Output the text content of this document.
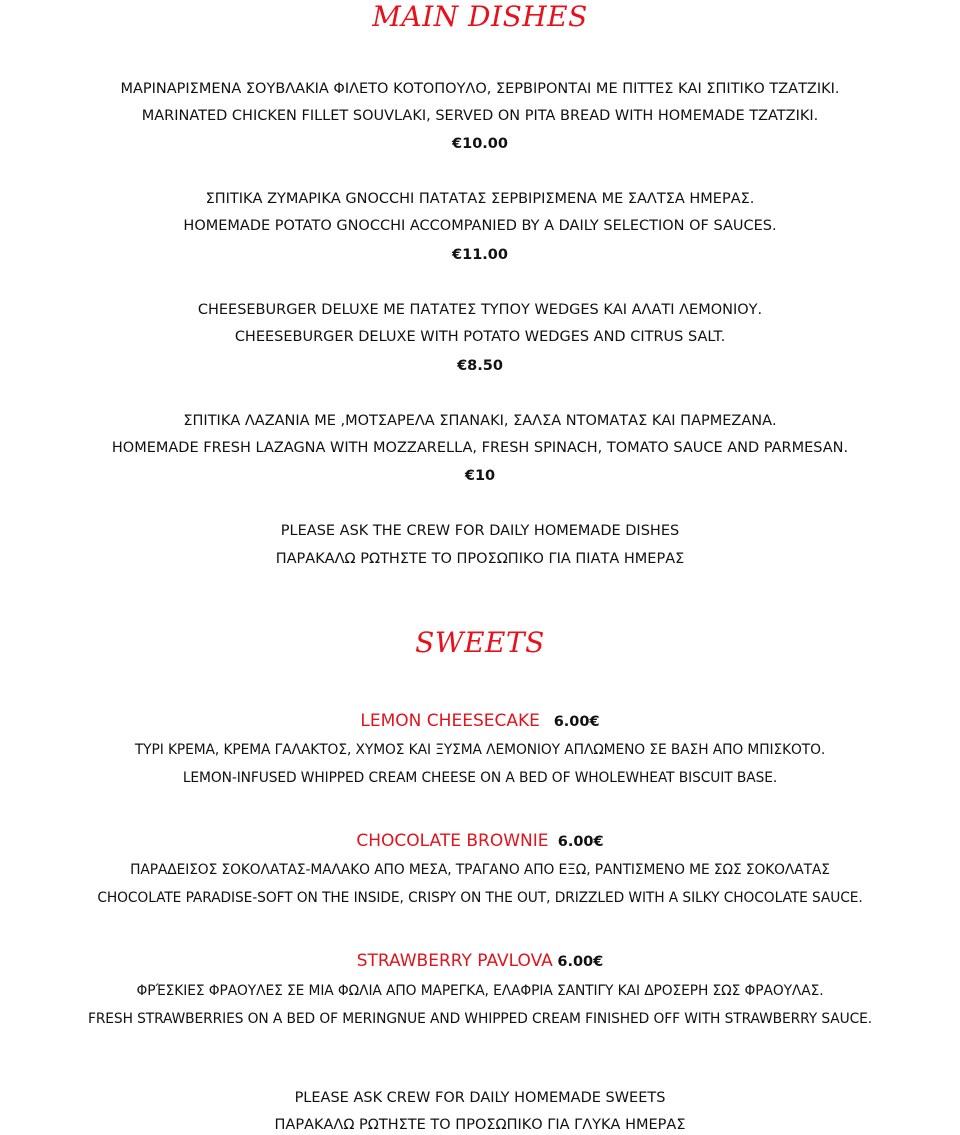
MAIN DISHES
ΜΑΡΙΝΑΡΙΣΜΕΝΑ ΣΟΥΒΛΑΚΙΑ ΦΙΛΕΤΟ ΚΟΤΟΠΟΥΛΟ, ΣΕΡΒΙΡΟΝΤΑΙ ΜΕ ΠΙΤΤΕΣ ΚΑΙ ΣΠΙΤΙΚΟ ΤΖΑΤΖΙΚΙ.
MARINATED CHICKEN FILLET SOUVLAKI, SERVED ON PITA BREAD WITH HOMEMADE TZATZIKI.
€10.00
ΣΠΙΤΙΚΑ ΖΥΜΑΡΙΚΑ GNOCCHI ΠΑΤΑΤΑΣ ΣΕΡΒΙΡΙΣΜΕΝΑ ΜΕ ΣΑΛΤΣΑ ΗΜΕΡΑΣ.
HOMEMADE POTATO GNOCCHI ACCOMPANIED BY A DAILY SELECTION OF SAUCES.
€11.00
CHEESEBURGER DELUXE ΜΕ ΠΑΤΑΤΕΣ ΤΥΠΟΥ WEDGES ΚΑΙ ΑΛΑΤΙ ΛΕΜΟΝΙΟΥ.
CHEESEBURGER DELUXE WITH POTATO WEDGES AND CITRUS SALT.
€8.50
ΣΠΙΤΙΚΑ ΛΑΖΑΝΙΑ ΜΕ ,ΜΟΤΣΑΡΕΛΑ ΣΠΑΝΑΚΙ, ΣΑΛΣΑ ΝΤΟΜΑΤΑΣ ΚΑΙ ΠΑΡΜΕΖΑΝΑ.
HOMEMADE FRESH LAZAGNA WITH MOZZARELLA, FRESH SPINACH, TOMATO SAUCE AND PARMESAN.
€10
PLEASE ASK THE CREW FOR DAILY HOMEMADE DISHES
ΠΑΡΑΚΑΛΩ ΡΩΤΗΣΤΕ ΤΟ ΠΡΟΣΩΠΙΚΟ ΓΙΑ ΠΙΑΤΑ ΗΜΕΡΑΣ
SWEETS
LEMON CHEESECAKE 6.00€
ΤΥΡΙ ΚΡΕΜΑ, ΚΡΕΜΑ ΓΑΛΑΚΤΟΣ, ΧΥΜΟΣ ΚΑΙ ΞΥΣΜΑ ΛΕΜΟΝΙΟΥ ΑΠΛΩΜΕΝΟ ΣΕ ΒΑΣΗ ΑΠΟ ΜΠΙΣΚΟΤΟ.
LEMON-INFUSED WHIPPED CREAM CHEESE ON A BED OF WHOLEWHEAT BISCUIT BASE.
CHOCOLATE BROWNIE 6.00€
ΠΑΡΑΔΕΙΣΟΣ ΣΟΚΟΛΑΤΑΣ-ΜΑΛΑΚΟ ΑΠΟ ΜΕΣΑ, ΤΡΑΓΑΝΟ ΑΠΟ ΕΞΩ, ΡΑΝΤΙΣΜΕΝΟ ΜΕ ΣΩΣ ΣΟΚΟΛΑΤΑΣ
CHOCOLATE PARADISE-SOFT ON THE INSIDE, CRISPY ON THE OUT, DRIZZLED WITH A SILKY CHOCOLATE SAUCE.
STRAWBERRY PAVLOVA 6.00€
ΦΡΈΣΚΙΕΣ ΦΡΑΟΥΛΕΣ ΣΕ ΜΙΑ ΦΩΛΙΑ ΑΠΟ ΜΑΡΕΓΚΑ, ΕΛΑΦΡΙΑ ΣΑΝΤΙΓΥ ΚΑΙ ΔΡΟΣΕΡΗ ΣΩΣ ΦΡΑΟΥΛΑΣ.
FRESH STRAWBERRIES ON A BED OF MERINGNUE AND WHIPPED CREAM FINISHED OFF WITH STRAWBERRY SAUCE.
PLEASE ASK CREW FOR DAILY HOMEMADE SWEETS
ΠΑΡΑΚΑΛΩ ΡΩΤΗΣΤΕ ΤΟ ΠΡΟΣΩΠΙΚΟ ΓΙΑ ΓΛΥΚΑ ΗΜΕΡΑΣ
